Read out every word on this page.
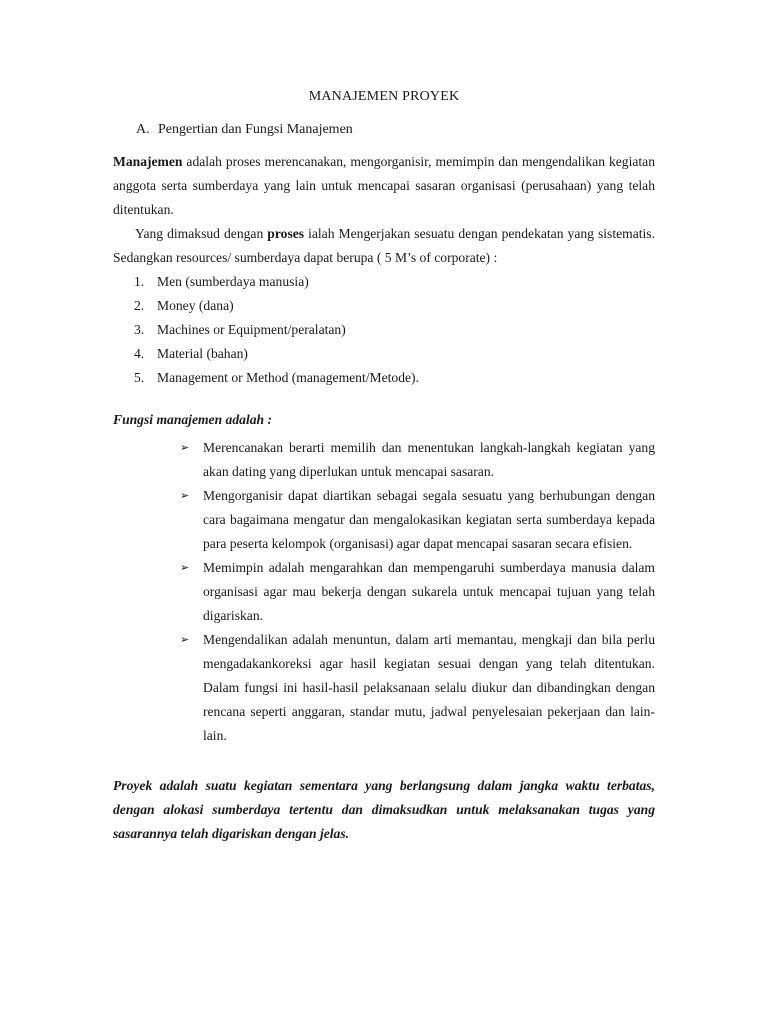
MANAJEMEN PROYEK
A. Pengertian dan Fungsi Manajemen
Manajemen adalah proses merencanakan, mengorganisir, memimpin dan mengendalikan kegiatan anggota serta sumberdaya yang lain untuk mencapai sasaran organisasi (perusahaan) yang telah ditentukan.
Yang dimaksud dengan proses ialah Mengerjakan sesuatu dengan pendekatan yang sistematis. Sedangkan resources/ sumberdaya dapat berupa ( 5 M’s of corporate) :
1. Men (sumberdaya manusia)
2. Money (dana)
3. Machines or Equipment/peralatan)
4. Material (bahan)
5. Management or Method (management/Metode).
Fungsi manajemen adalah :
➢	Merencanakan berarti memilih dan menentukan langkah-langkah kegiatan yang akan dating yang diperlukan untuk mencapai sasaran.
➢	Mengorganisir dapat diartikan sebagai segala sesuatu yang berhubungan dengan cara bagaimana mengatur dan mengalokasikan kegiatan serta sumberdaya kepada para peserta kelompok (organisasi) agar dapat mencapai sasaran secara efisien.
➢	Memimpin adalah mengarahkan dan mempengaruhi sumberdaya manusia dalam organisasi agar mau bekerja dengan sukarela untuk mencapai tujuan yang telah digariskan.
➢	Mengendalikan adalah menuntun, dalam arti memantau, mengkaji dan bila perlu mengadakankoreksi agar hasil kegiatan sesuai dengan yang telah ditentukan. Dalam fungsi ini hasil-hasil pelaksanaan selalu diukur dan dibandingkan dengan rencana seperti anggaran, standar mutu, jadwal penyelesaian pekerjaan dan lain-lain.
Proyek adalah suatu kegiatan sementara yang berlangsung dalam jangka waktu terbatas, dengan alokasi sumberdaya tertentu dan dimaksudkan untuk melaksanakan tugas yang sasarannya telah digariskan dengan jelas.
